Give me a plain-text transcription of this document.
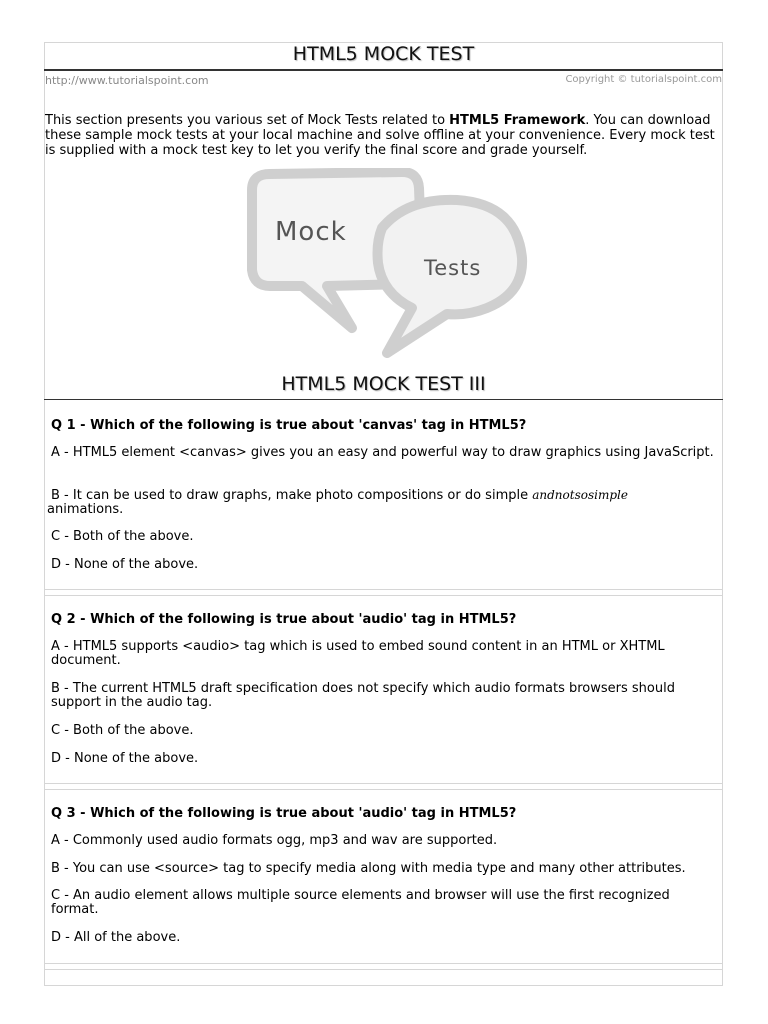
HTML5 MOCK TEST
http://www.tutorialspoint.com	Copyright © tutorialspoint.com
This section presents you various set of Mock Tests related to HTML5 Framework. You can download these sample mock tests at your local machine and solve offline at your convenience. Every mock test is supplied with a mock test key to let you verify the final score and grade yourself.
Mock
Tests
HTML5 MOCK TEST III
Q 1 - Which of the following is true about 'canvas' tag in HTML5?
A - HTML5 element <canvas> gives you an easy and powerful way to draw graphics using JavaScript.
B - It can be used to draw graphs, make photo compositions or do simple andnotsosimple
animations.
C - Both of the above.
D - None of the above.
Q 2 - Which of the following is true about 'audio' tag in HTML5?
A - HTML5 supports <audio> tag which is used to embed sound content in an HTML or XHTML document.
B - The current HTML5 draft specification does not specify which audio formats browsers should support in the audio tag.
C - Both of the above.
D - None of the above.
Q 3 - Which of the following is true about 'audio' tag in HTML5?
A - Commonly used audio formats ogg, mp3 and wav are supported.
B - You can use <source> tag to specify media along with media type and many other attributes.
C - An audio element allows multiple source elements and browser will use the first recognized format.
D - All of the above.
